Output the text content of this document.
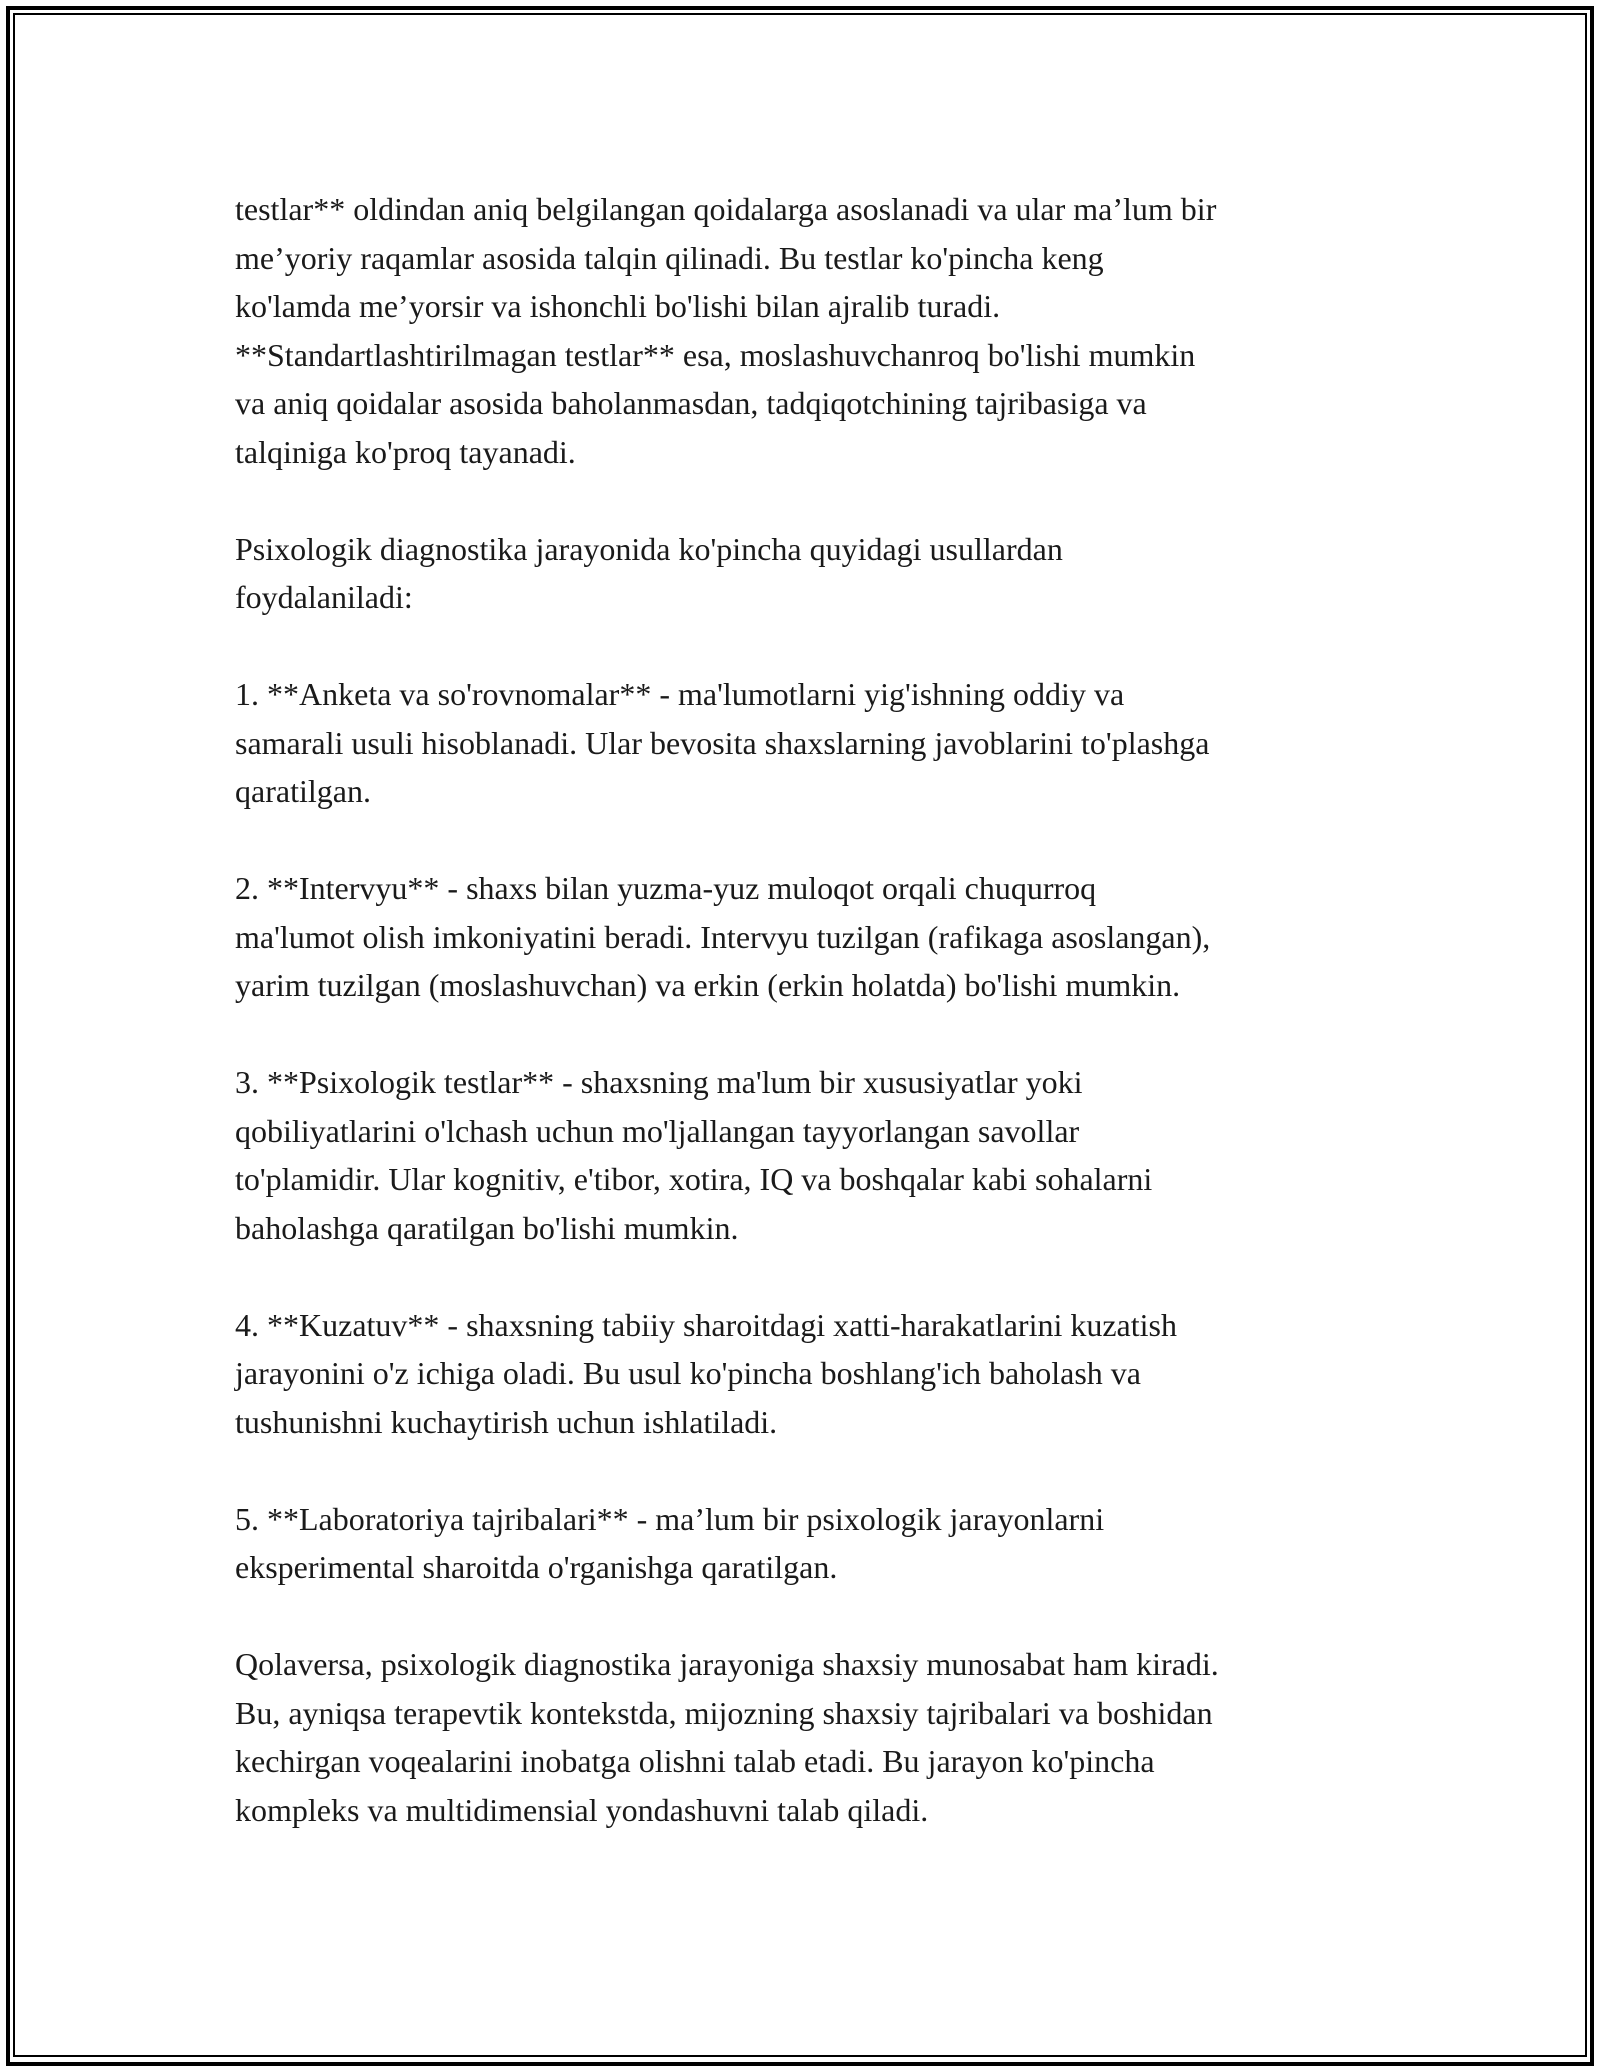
testlar** oldindan aniq belgilangan qoidalarga asoslanadi va ular ma’lum bir
me’yoriy raqamlar asosida talqin qilinadi. Bu testlar ko'pincha keng
ko'lamda me’yorsir va ishonchli bo'lishi bilan ajralib turadi.
**Standartlashtirilmagan testlar** esa, moslashuvchanroq bo'lishi mumkin
va aniq qoidalar asosida baholanmasdan, tadqiqotchining tajribasiga va
talqiniga ko'proq tayanadi.

Psixologik diagnostika jarayonida ko'pincha quyidagi usullardan
foydalaniladi:

1. **Anketa va so'rovnomalar** - ma'lumotlarni yig'ishning oddiy va
samarali usuli hisoblanadi. Ular bevosita shaxslarning javoblarini to'plashga
qaratilgan.

2. **Intervyu** - shaxs bilan yuzma-yuz muloqot orqali chuqurroq
ma'lumot olish imkoniyatini beradi. Intervyu tuzilgan (rafikaga asoslangan),
yarim tuzilgan (moslashuvchan) va erkin (erkin holatda) bo'lishi mumkin.

3. **Psixologik testlar** - shaxsning ma'lum bir xususiyatlar yoki
qobiliyatlarini o'lchash uchun mo'ljallangan tayyorlangan savollar
to'plamidir. Ular kognitiv, e'tibor, xotira, IQ va boshqalar kabi sohalarni
baholashga qaratilgan bo'lishi mumkin.

4. **Kuzatuv** - shaxsning tabiiy sharoitdagi xatti-harakatlarini kuzatish
jarayonini o'z ichiga oladi. Bu usul ko'pincha boshlang'ich baholash va
tushunishni kuchaytirish uchun ishlatiladi.

5. **Laboratoriya tajribalari** - ma’lum bir psixologik jarayonlarni
eksperimental sharoitda o'rganishga qaratilgan.

Qolaversa, psixologik diagnostika jarayoniga shaxsiy munosabat ham kiradi.
Bu, ayniqsa terapevtik kontekstda, mijozning shaxsiy tajribalari va boshidan
kechirgan voqealarini inobatga olishni talab etadi. Bu jarayon ko'pincha
kompleks va multidimensial yondashuvni talab qiladi.
